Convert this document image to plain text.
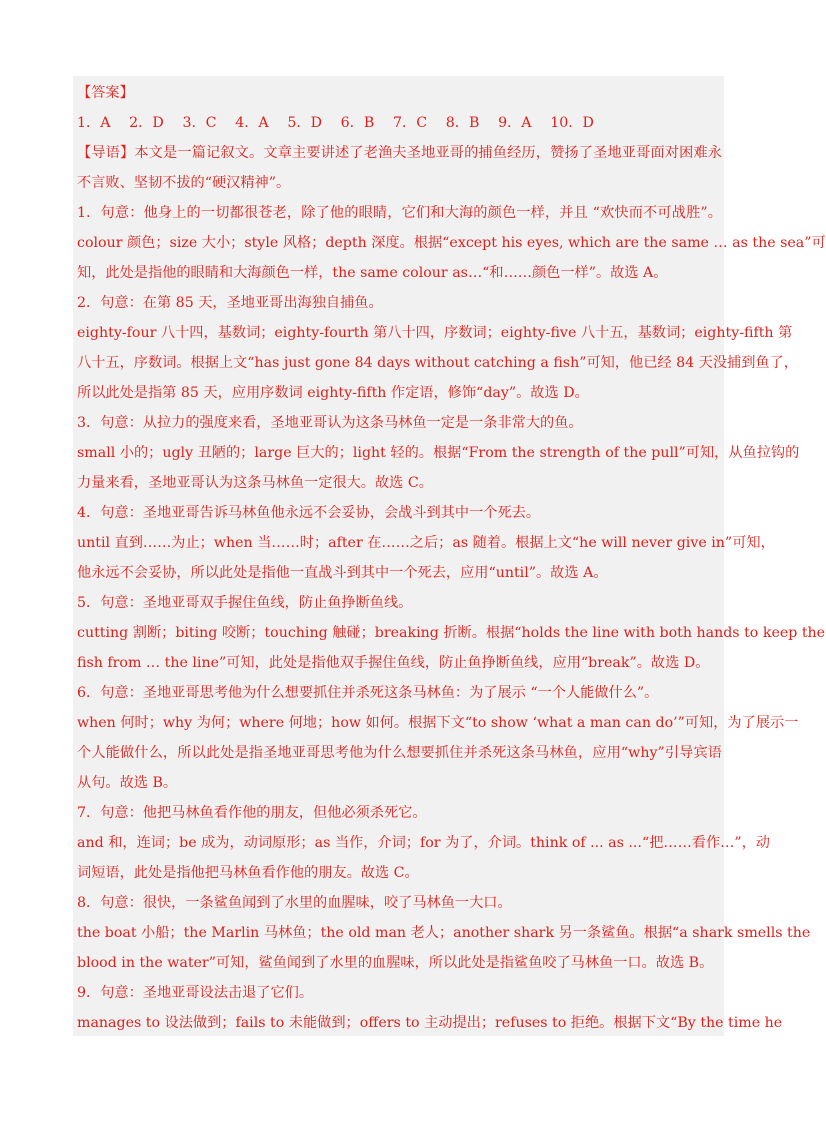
【答案】
1．A　 2．D　 3．C　 4．A　 5．D　 6．B　 7．C　 8．B　 9．A　 10．D
【导语】本文是一篇记叙文。文章主要讲述了老渔夫圣地亚哥的捕鱼经历，赞扬了圣地亚哥面对困难永
不言败、坚韧不拔的“硬汉精神”。
1．句意：他身上的一切都很苍老，除了他的眼睛，它们和大海的颜色一样，并且 “欢快而不可战胜”。
colour 颜色；size 大小；style 风格；depth 深度。根据“except his eyes, which are the same … as the sea”可
知，此处是指他的眼睛和大海颜色一样，the same colour as…“和……颜色一样”。故选 A。
2．句意：在第 85 天，圣地亚哥出海独自捕鱼。
eighty-four 八十四，基数词；eighty-fourth 第八十四，序数词；eighty-five 八十五，基数词；eighty-fifth 第
八十五，序数词。根据上文“has just gone 84 days without catching a fish”可知，他已经 84 天没捕到鱼了，
所以此处是指第 85 天，应用序数词 eighty-fifth 作定语，修饰“day”。故选 D。
3．句意：从拉力的强度来看，圣地亚哥认为这条马林鱼一定是一条非常大的鱼。
small 小的；ugly 丑陋的；large 巨大的；light 轻的。根据“From the strength of the pull”可知，从鱼拉钩的
力量来看，圣地亚哥认为这条马林鱼一定很大。故选 C。
4．句意：圣地亚哥告诉马林鱼他永远不会妥协，会战斗到其中一个死去。
until 直到……为止；when 当……时；after 在……之后；as 随着。根据上文“he will never give in”可知，
他永远不会妥协，所以此处是指他一直战斗到其中一个死去，应用“until”。故选 A。
5．句意：圣地亚哥双手握住鱼线，防止鱼挣断鱼线。
cutting 割断；biting 咬断；touching 触碰；breaking 折断。根据“holds the line with both hands to keep the
fish from … the line”可知，此处是指他双手握住鱼线，防止鱼挣断鱼线，应用“break”。故选 D。
6．句意：圣地亚哥思考他为什么想要抓住并杀死这条马林鱼：为了展示 “一个人能做什么”。
when 何时；why 为何；where 何地；how 如何。根据下文“to show ‘what a man can do’”可知，为了展示一
个人能做什么，所以此处是指圣地亚哥思考他为什么想要抓住并杀死这条马林鱼，应用“why”引导宾语
从句。故选 B。
7．句意：他把马林鱼看作他的朋友，但他必须杀死它。
and 和，连词；be 成为，动词原形；as 当作，介词；for 为了，介词。think of ... as ...“把……看作…”，动
词短语，此处是指他把马林鱼看作他的朋友。故选 C。
8．句意：很快，一条鲨鱼闻到了水里的血腥味，咬了马林鱼一大口。
the boat 小船；the Marlin 马林鱼；the old man 老人；another shark 另一条鲨鱼。根据“a shark smells the
blood in the water”可知，鲨鱼闻到了水里的血腥味，所以此处是指鲨鱼咬了马林鱼一口。故选 B。
9．句意：圣地亚哥设法击退了它们。
manages to 设法做到；fails to 未能做到；offers to 主动提出；refuses to 拒绝。根据下文“By the time he
